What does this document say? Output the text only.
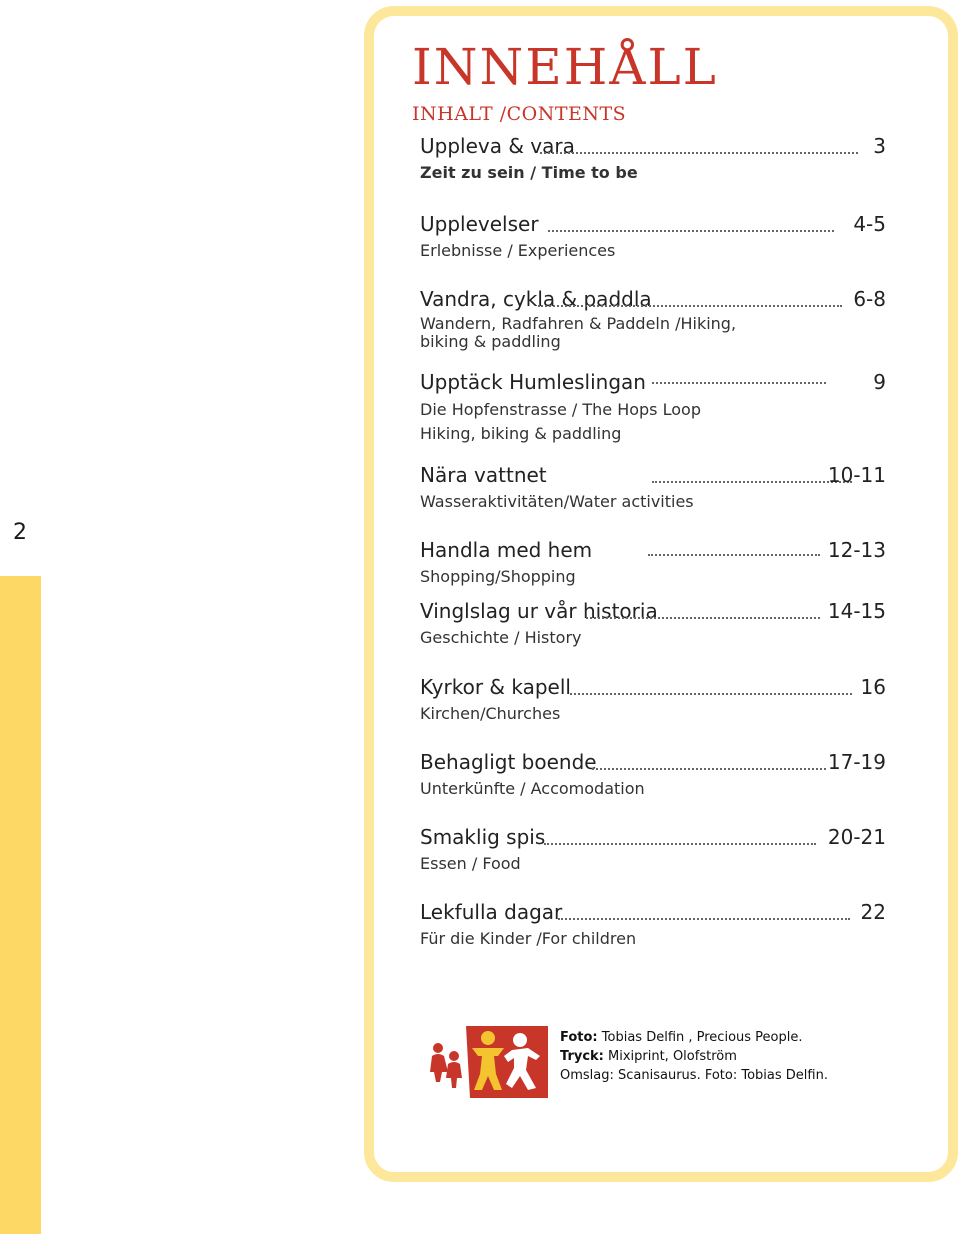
2
INNEHÅLL
INHALT /CONTENTS
Uppleva & vara	3
Zeit zu sein / Time to be
Upplevelser	4-5
Erlebnisse / Experiences
Vandra, cykla & paddla	6-8
Wandern, Radfahren & Paddeln /Hiking,
biking & paddling
Upptäck Humleslingan	9
Die Hopfenstrasse / The Hops Loop
Hiking, biking & paddling
Nära vattnet	10-11
Wasseraktivitäten/Water activities
Handla med hem	12-13
Shopping/Shopping
Vinglslag ur vår historia	14-15
Geschichte / History
Kyrkor & kapell	16
Kirchen/Churches
Behagligt boende	17-19
Unterkünfte / Accomodation
Smaklig spis	20-21
Essen / Food
Lekfulla dagar	22
Für die Kinder /For children
Foto: Tobias Delfin , Precious People.
Tryck: Mixiprint, Olofström
Omslag: Scanisaurus. Foto: Tobias Delfin.
